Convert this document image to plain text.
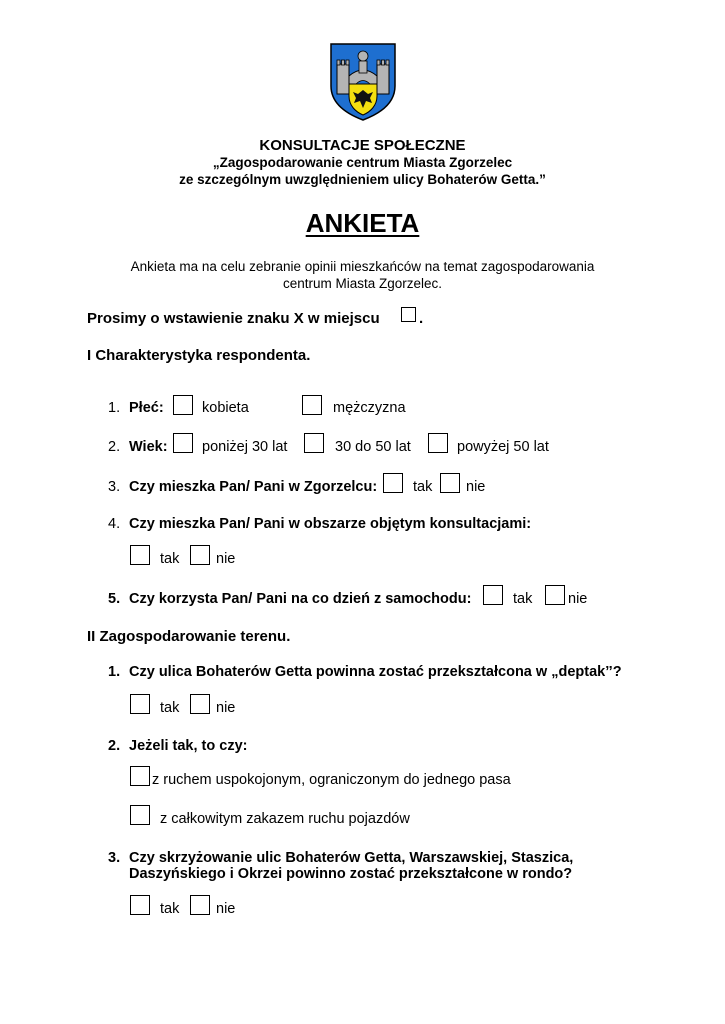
KONSULTACJE SPOŁECZNE
„Zagospodarowanie centrum Miasta Zgorzelec
ze szczególnym uwzględnieniem ulicy Bohaterów Getta.”
ANKIETA
Ankieta ma na celu zebranie opinii mieszkańców na temat zagospodarowania
centrum Miasta Zgorzelec.
Prosimy o wstawienie znaku X w miejscu	.
I Charakterystyka respondenta.
1. Płeć:	kobieta	mężczyzna
2. Wiek: poniżej 30 lat	30 do 50 lat	powyżej 50 lat
3. Czy mieszka Pan/ Pani w Zgorzelcu: tak nie
4. Czy mieszka Pan/ Pani w obszarze objętym konsultacjami:
tak	nie
5. Czy korzysta Pan/ Pani na co dzień z samochodu:	tak nie
II Zagospodarowanie terenu.
1. Czy ulica Bohaterów Getta powinna zostać przekształcona w „deptak’’?
tak	nie
2. Jeżeli tak, to czy:
z ruchem uspokojonym, ograniczonym do jednego pasa
z całkowitym zakazem ruchu pojazdów
3. Czy skrzyżowanie ulic Bohaterów Getta, Warszawskiej, Staszica,
Daszyńskiego i Okrzei powinno zostać przekształcone w rondo?
tak	nie
